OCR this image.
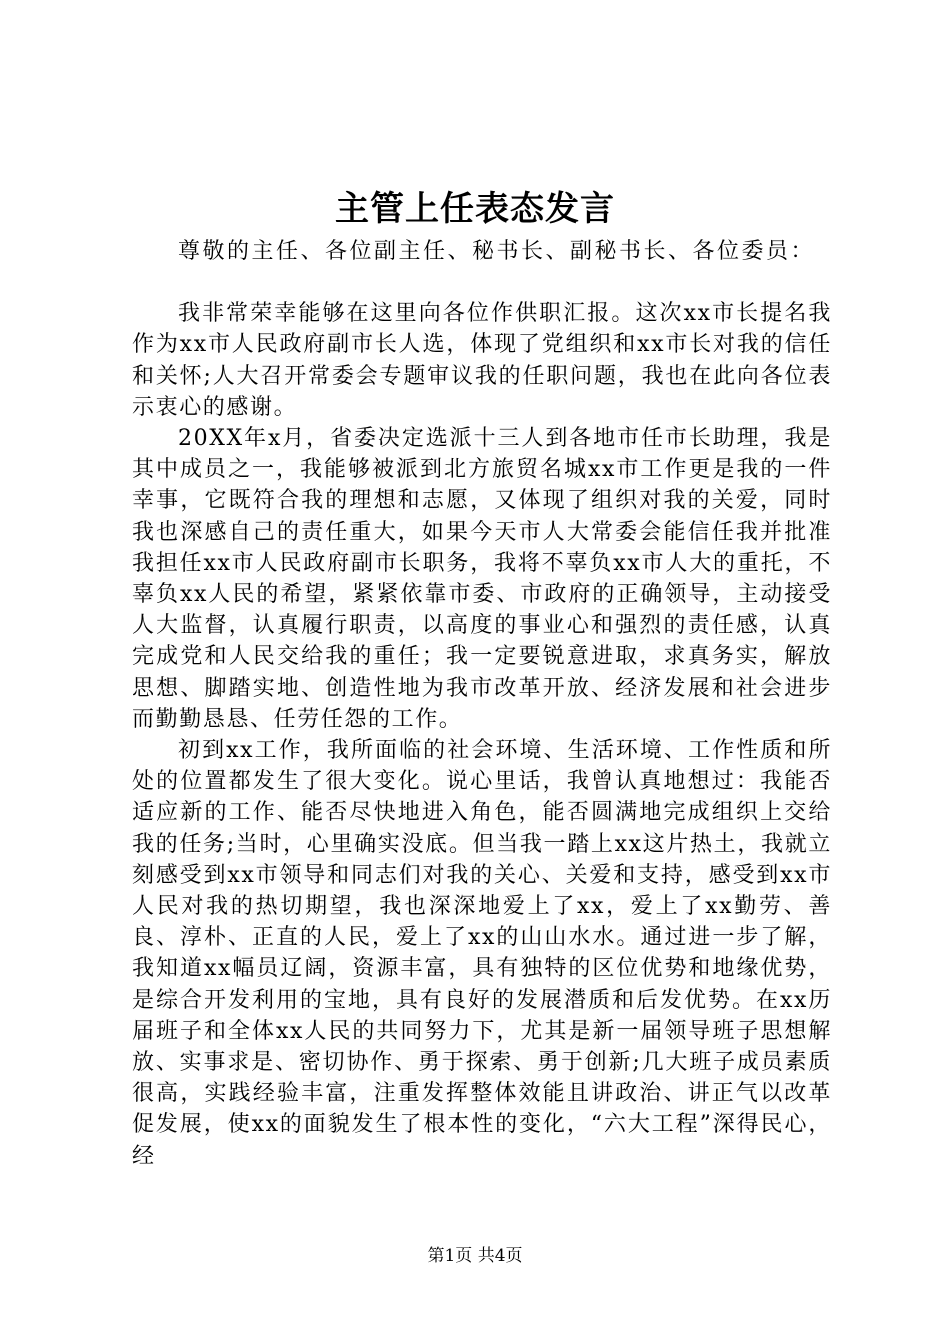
主管上任表态发言

尊敬的主任、各位副主任、秘书长、副秘书长、各位委员：

我非常荣幸能够在这里向各位作供职汇报。这次xx市长提名我作为xx市人民政府副市长人选，体现了党组织和xx市长对我的信任和关怀;人大召开常委会专题审议我的任职问题，我也在此向各位表示衷心的感谢。

20XX年x月，省委决定选派十三人到各地市任市长助理，我是其中成员之一，我能够被派到北方旅贸名城xx市工作更是我的一件幸事，它既符合我的理想和志愿，又体现了组织对我的关爱，同时我也深感自己的责任重大，如果今天市人大常委会能信任我并批准我担任xx市人民政府副市长职务，我将不辜负xx市人大的重托，不辜负xx人民的希望，紧紧依靠市委、市政府的正确领导，主动接受人大监督，认真履行职责，以高度的事业心和强烈的责任感，认真完成党和人民交给我的重任；我一定要锐意进取，求真务实，解放思想、脚踏实地、创造性地为我市改革开放、经济发展和社会进步而勤勤恳恳、任劳任怨的工作。

初到xx工作，我所面临的社会环境、生活环境、工作性质和所处的位置都发生了很大变化。说心里话，我曾认真地想过：我能否适应新的工作、能否尽快地进入角色，能否圆满地完成组织上交给我的任务;当时，心里确实没底。但当我一踏上xx这片热土，我就立刻感受到xx市领导和同志们对我的关心、关爱和支持，感受到xx市人民对我的热切期望，我也深深地爱上了xx，爱上了xx勤劳、善良、淳朴、正直的人民，爱上了xx的山山水水。通过进一步了解，我知道xx幅员辽阔，资源丰富，具有独特的区位优势和地缘优势，是综合开发利用的宝地，具有良好的发展潜质和后发优势。在xx历届班子和全体xx人民的共同努力下，尤其是新一届领导班子思想解放、实事求是、密切协作、勇于探索、勇于创新;几大班子成员素质很高，实践经验丰富，注重发挥整体效能且讲政治、讲正气以改革促发展，使xx的面貌发生了根本性的变化，“六大工程”深得民心，经

第1页 共4页
